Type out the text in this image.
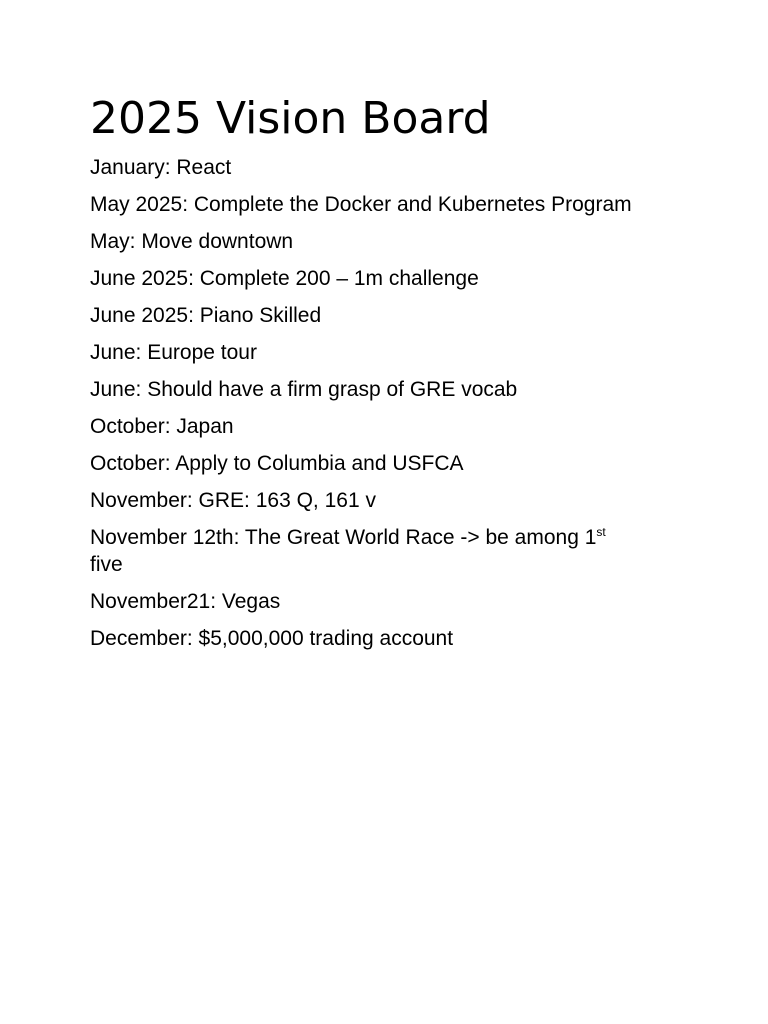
2025 Vision Board
January: React
May 2025: Complete the Docker and Kubernetes Program
May: Move downtown
June 2025: Complete 200 – 1m challenge
June 2025: Piano Skilled
June: Europe tour
June: Should have a firm grasp of GRE vocab
October: Japan
October: Apply to Columbia and USFCA
November: GRE: 163 Q, 161 v
November 12th: The Great World Race -> be among 1st
five
November21: Vegas
December: $5,000,000 trading account
